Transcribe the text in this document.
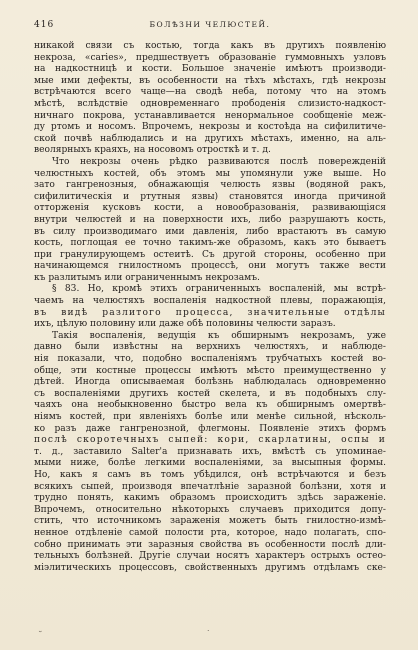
416	БОЛѢЗНИ ЧЕЛЮСТЕЙ.
никакой связи съ костью, тогда какъ въ другихъ появленію
некроза, «caries», предшествуетъ образованіе гуммовныхъ узловъ
на надкостницѣ и кости. Большое значеніе имѣютъ производи-
мые ими дефекты, въ особенности на тѣхъ мѣстахъ, гдѣ некрозы
встрѣчаются всего чаще—на сводѣ неба, потому что на этомъ
мѣстѣ, вслѣдствіе одновременнаго прободенія слизисто-надкост-
ничнаго покрова, устанавливается ненормальное сообщеніе меж-
ду ртомъ и носомъ. Впрочемъ, некрозы и костоѣда на сифилитиче-
ской почвѣ наблюдались и на другихъ мѣстахъ, именно, на аль-
веолярныхъ краяхъ, на носовомъ отросткѣ и т. д.
Что некрозы очень рѣдко развиваются послѣ повережденій
челюстныхъ костей, объ этомъ мы упомянули уже выше. Но
зато гангренозныя, обнажающія челюсть язвы (водяной ракъ,
сифилитическія и ртутныя язвы) становятся иногда причиной
отторженія кусковъ кости, а новообразованія, развивающіяся
внутри челюстей и на поверхности ихъ, либо разрушаютъ кость,
въ силу производимаго ими давленія, либо врастаютъ въ самую
кость, поглощая ее точно такимъ-же образомъ, какъ это бываетъ
при гранулирующемъ остеитѣ. Съ другой стороны, особенно при
начинающемся гнилостномъ процессѣ, они могутъ также вести
къ разлитымъ или ограниченнымъ некрозамъ.
§ 83. Но, кромѣ этихъ ограниченныхъ воспаленій, мы встрѣ-
чаемъ на челюстяхъ воспаленія надкостной плевы, поражающія,
въ видѣ разлитого процесса, значительные отдѣлы
ихъ, цѣлую половину или даже обѣ половины челюсти заразъ.
Такія воспаленія, ведущія къ обширнымъ некрозамъ, уже
давно были извѣстны на верхнихъ челюстяхъ, и наблюде-
нія показали, что, подобно воспаленіямъ трубчатыхъ костей во-
обще, эти костные процессы имѣютъ мѣсто преимущественно у
дѣтей. Иногда описываемая болѣзнь наблюдалась одновременно
съ воспаленіями другихъ костей скелета, и въ подобныхъ слу-
чаяхъ она необыкновенно быстро вела къ обширнымъ омертвѣ-
ніямъ костей, при явленіяхъ болѣе или менѣе сильной, нѣсколь-
ко разъ даже гангренозной, флегмоны. Появленіе этихъ формъ
послѣ скоротечныхъ сыпей: кори, скарлатины, оспы и
т. д., заставило Salter'а признавать ихъ, вмѣстѣ съ упоминае-
мыми ниже, болѣе легкими воспаленіями, за высыпныя формы.
Но, какъ я самъ въ томъ убѣдился, онѣ встрѣчаются и безъ
всякихъ сыпей, производя впечатлѣніе заразной болѣзни, хотя и
трудно понять, какимъ образомъ происходитъ здѣсь зараженіе.
Впрочемъ, относительно нѣкоторыхъ случаевъ приходится допу-
стить, что источникомъ зараженія можетъ быть гнилостно-измѣ-
ненное отдѣленіе самой полости рта, которое, надо полагать, спо-
собно принимать эти заразныя свойства въ особенности послѣ дли-
тельныхъ болѣзней. Другіе случаи носятъ характеръ острыхъ остео-
міэлитическихъ процессовъ, свойственныхъ другимъ отдѣламъ ске-
˘	˙
